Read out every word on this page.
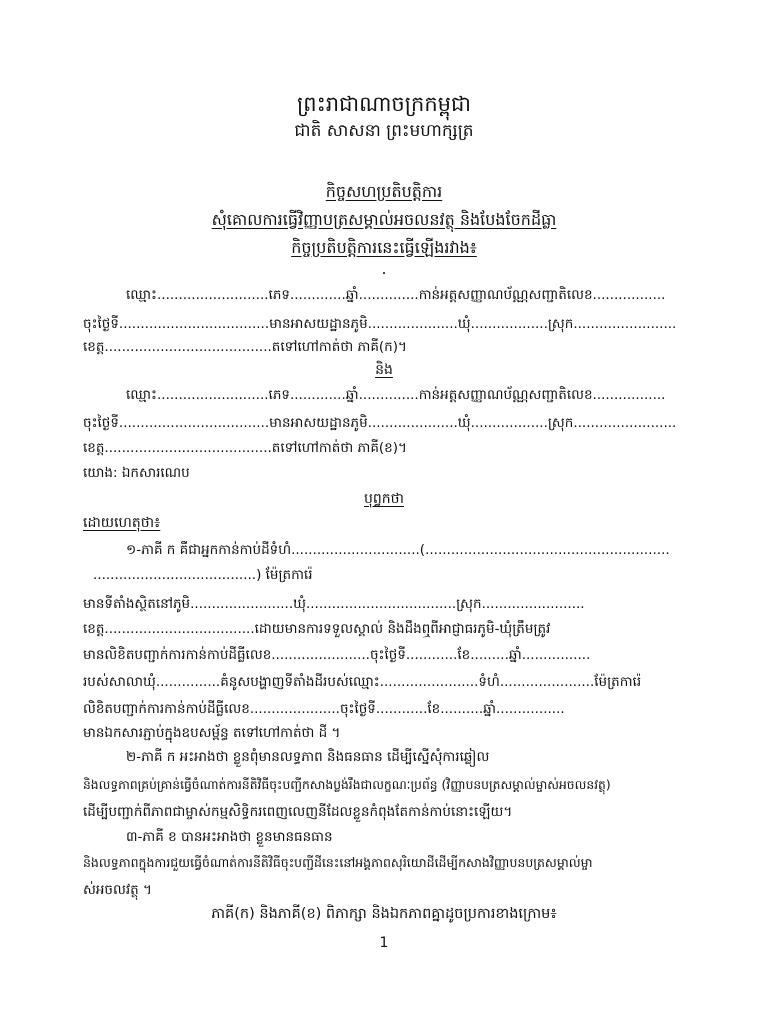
ព្រះរាជាណាចក្រកម្ពុជា
ជាតិ សាសនា ព្រះមហាក្សត្រ
កិច្ចសហប្រតិបត្តិការ
សុំគោលការធ្វើវិញ្ញាបត្រសម្គាល់អចលនវត្ថុ និងបែងចែកដីធ្លា
កិច្ចប្រតិបត្តិការនេះធ្វើឡើងរវាង៖
ឈ្មោះ..........................ភេទ.............ឆ្នាំ..............កាន់អត្តសញ្ញាណប័ណ្ណសញ្ជាតិលេខ.................
ចុះថ្ងៃទី...................................មានអាសយដ្ឋានភូមិ.....................ឃុំ..................ស្រុក........................
ខេត្ត.......................................តទៅហៅកាត់ថា ភាគី(ក)។
និង
ឈ្មោះ..........................ភេទ.............ឆ្នាំ..............កាន់អត្តសញ្ញាណប័ណ្ណសញ្ជាតិលេខ.................
ចុះថ្ងៃទី...................................មានអាសយដ្ឋានភូមិ.....................ឃុំ..................ស្រុក........................
ខេត្ត.......................................តទៅហៅកាត់ថា ភាគី(ខ)។
យោង: ឯកសារណេប
បុព្វកថា
ដោយហេតុថា៖
១-ភាគី ក គឺជាអ្នកកាន់កាប់ដីទំហំ..............................(.........................................................
......................................) ម៉ែត្រការ៉េ
មានទីតាំងស្ថិតនៅភូមិ........................ឃុំ...................................ស្រុក........................
ខេត្ត...................................ដោយមានការទទួលស្គាល់ និងដឹងឮពីអាជ្ញាធរភូមិ-ឃុំត្រឹមត្រូវ
មានលិខិតបញ្ជាក់ការកាន់កាប់ដីធ្លីលេខ.......................ចុះថ្ងៃទី............ខែ.........ឆ្នាំ................
របស់សាលាឃុំ...............គំនូសបង្ហាញទីតាំងដីរបស់ឈ្មោះ.......................ទំហំ......................ម៉ែត្រការ៉េ
លិខិតបញ្ជាក់ការកាន់កាប់ដីធ្លីលេខ.....................ចុះថ្ងៃទី............ខែ..........ឆ្នាំ................
មានឯកសារភ្ជាប់ក្នុងឧបសម្ព័ន្ធ តទៅហៅកាត់ថា ដី ។
២-ភាគី ក អះអាងថា ខ្លួនពុំមានលទ្ធភាព និងធនធាន ដើម្បីស្នើសុំការឆ្លៀល
និងលទ្ធភាពគ្រប់គ្រាន់ធ្វើចំណាត់ការនីតិវិធីចុះបញ្ជីកសាងប្លង់រឹងជាលក្ខណៈប្រព័ន្ធ (វិញ្ញាបនបត្រសម្គាល់ម្ចាស់អចលនវត្ថុ)
ដើម្បីបញ្ជាក់ពីភាពជាម្ចាស់កម្មសិទ្ធិករពេញលេញនីដែលខ្លួនកំពុងតែកាន់កាប់នោះឡើយ។
៣-ភាគី ខ បានអះអាងថា ខ្លួនមានធនធាន
និងលទ្ធភាពក្នុងការជួយធ្វើចំណាត់ការនីតិវិធីចុះបញ្ជីដីនេះនៅអង្គភាពសុរិយោដីដើម្បីកសាងវិញ្ញាបនបត្រសម្គាល់ម្ចា
ស់អចលវត្ថុ ។
ភាគី(ក) និងភាគី(ខ) ពិភាក្សា និងឯកភាពគ្នាដូចប្រការខាងក្រោម៖
1
